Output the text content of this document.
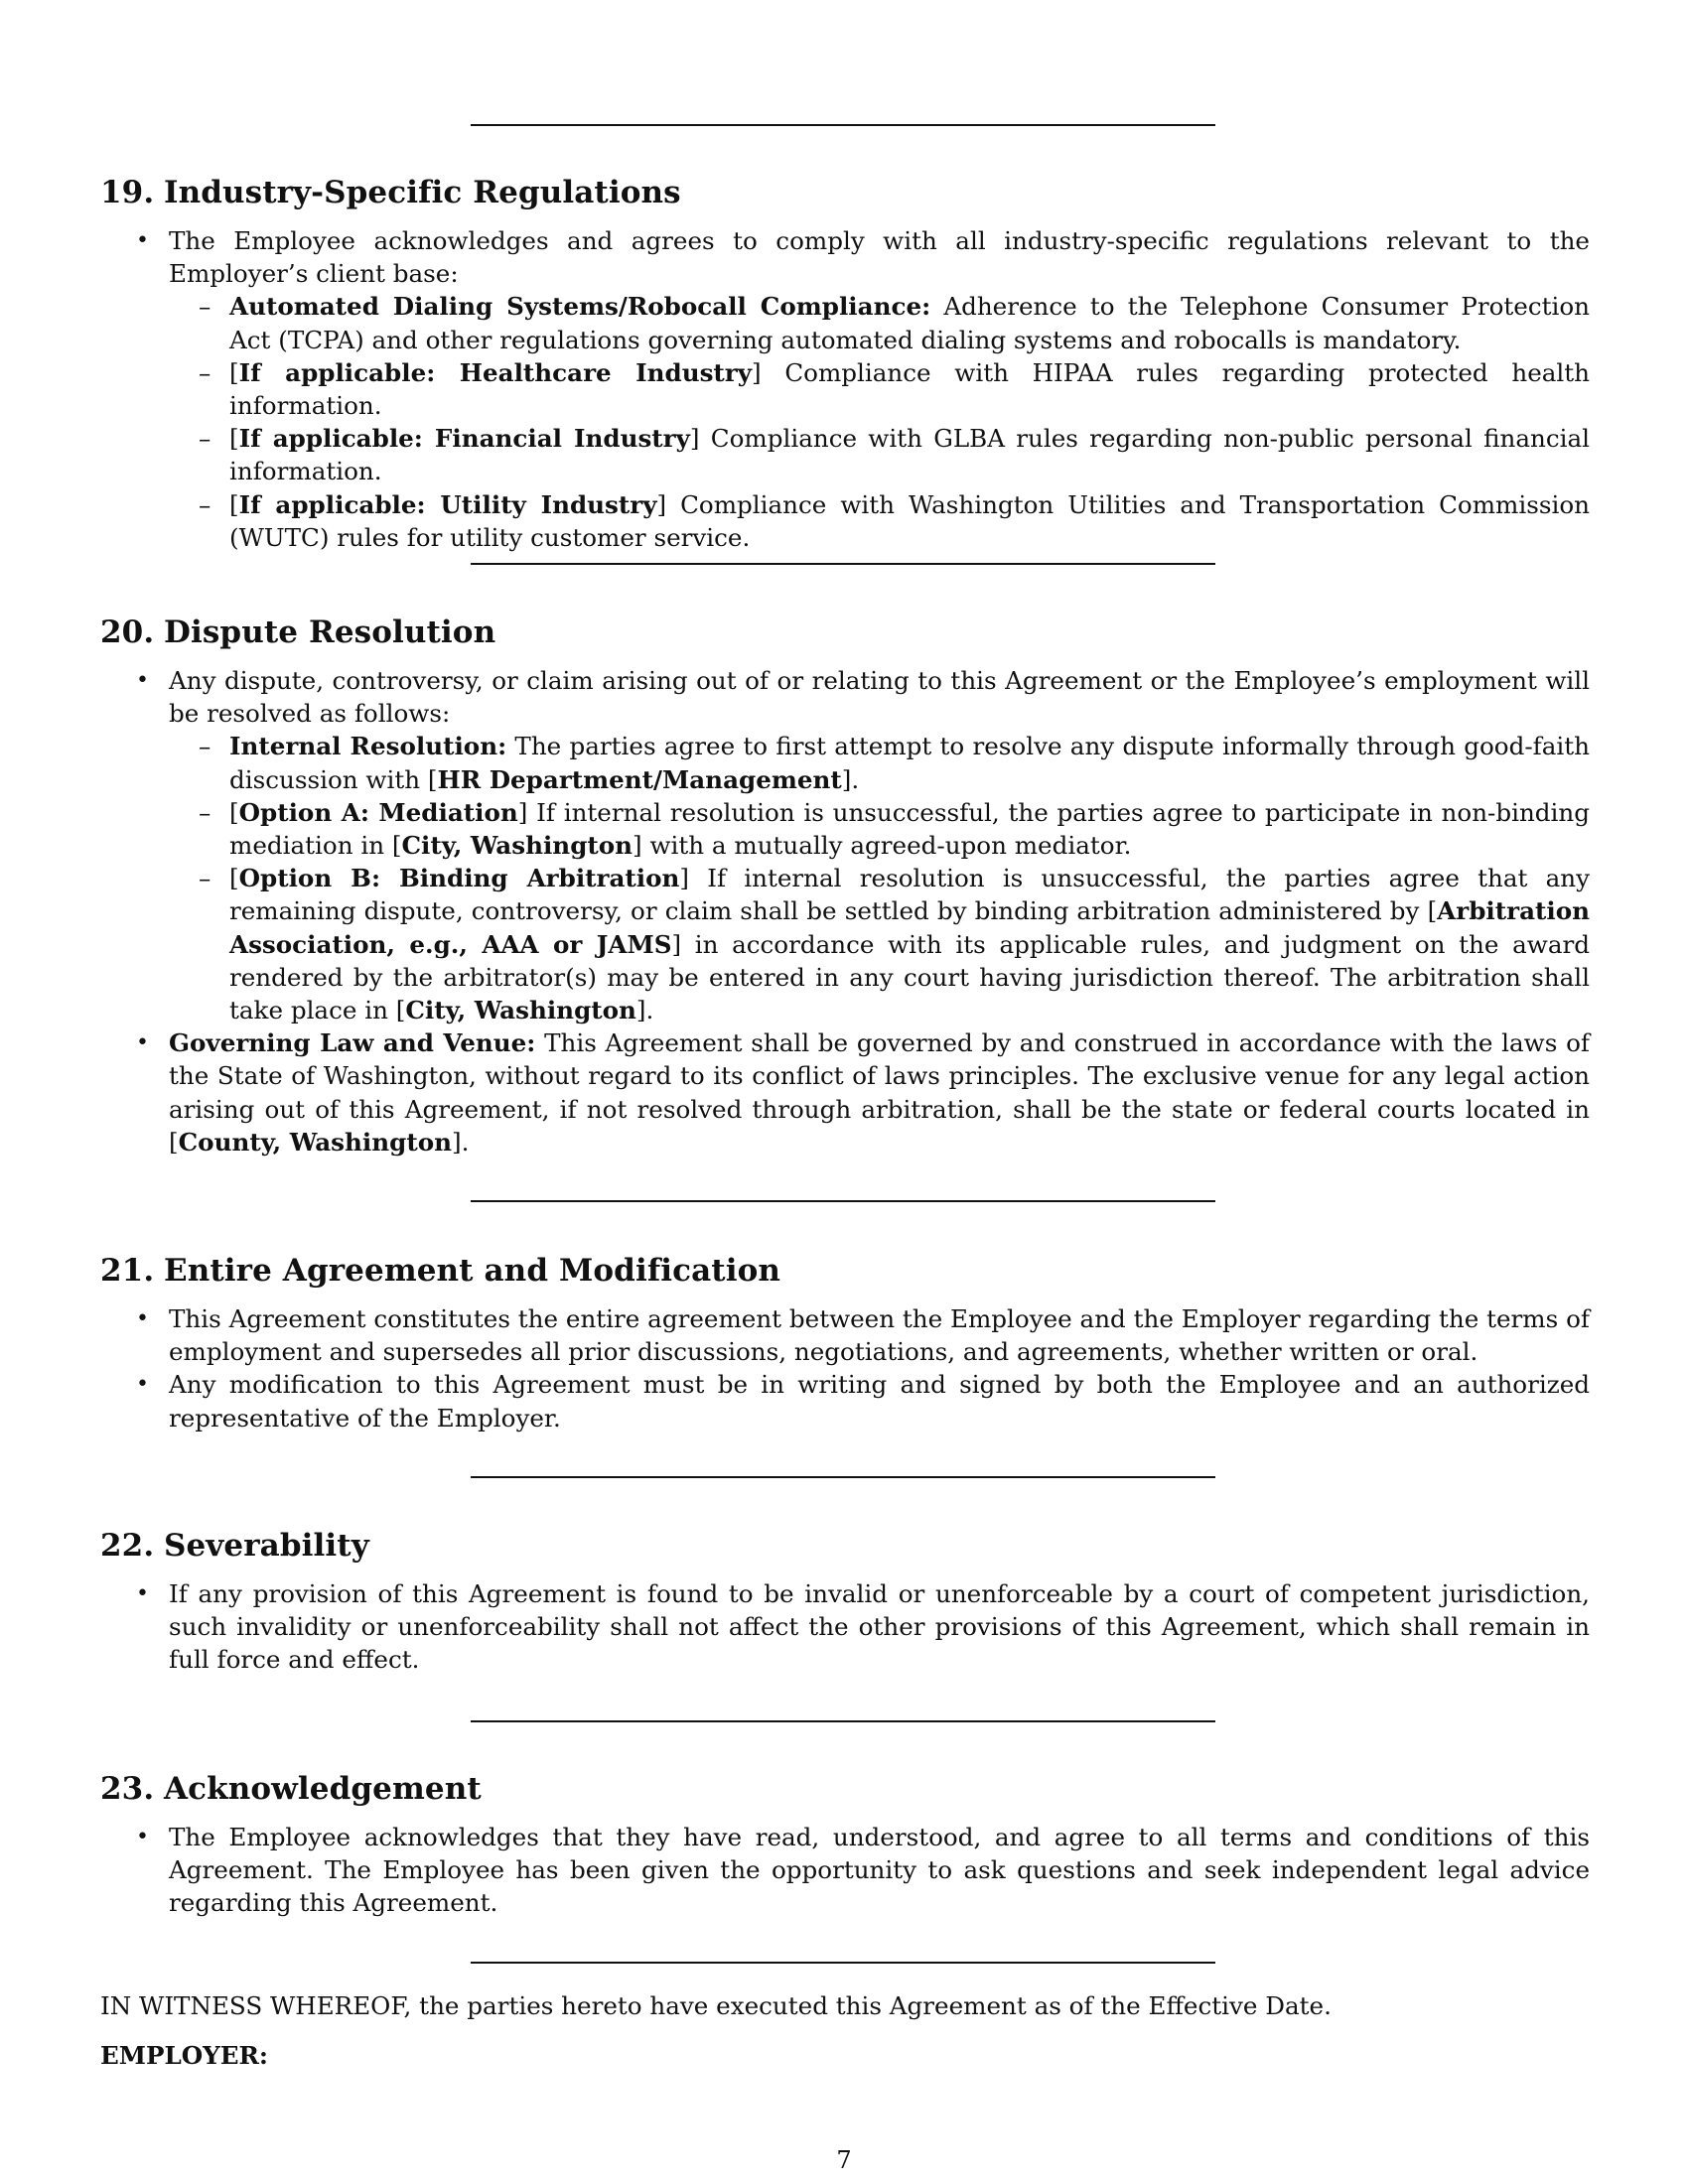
19. Industry-Specific Regulations
• The Employee acknowledges and agrees to comply with all industry-specific regulations relevant to the Employer’s client base:
– Automated Dialing Systems/Robocall Compliance: Adherence to the Telephone Consumer Protection Act (TCPA) and other regulations governing automated dialing systems and robocalls is mandatory.
– [If applicable: Healthcare Industry] Compliance with HIPAA rules regarding protected health information.
– [If applicable: Financial Industry] Compliance with GLBA rules regarding non-public personal financial information.
– [If applicable: Utility Industry] Compliance with Washington Utilities and Transportation Commission (WUTC) rules for utility customer service.
20. Dispute Resolution
• Any dispute, controversy, or claim arising out of or relating to this Agreement or the Employee’s employment will be resolved as follows:
– Internal Resolution: The parties agree to first attempt to resolve any dispute informally through good-faith discussion with [HR Department/Management].
– [Option A: Mediation] If internal resolution is unsuccessful, the parties agree to participate in non-binding mediation in [City, Washington] with a mutually agreed-upon mediator.
– [Option B: Binding Arbitration] If internal resolution is unsuccessful, the parties agree that any remaining dispute, controversy, or claim shall be settled by binding arbitration administered by [Arbitration Association, e.g., AAA or JAMS] in accordance with its applicable rules, and judgment on the award rendered by the arbitrator(s) may be entered in any court having jurisdiction thereof. The arbitration shall take place in [City, Washington].
• Governing Law and Venue: This Agreement shall be governed by and construed in accordance with the laws of the State of Washington, without regard to its conflict of laws principles. The exclusive venue for any legal action arising out of this Agreement, if not resolved through arbitration, shall be the state or federal courts located in [County, Washington].
21. Entire Agreement and Modification
• This Agreement constitutes the entire agreement between the Employee and the Employer regarding the terms of employment and supersedes all prior discussions, negotiations, and agreements, whether written or oral.
• Any modification to this Agreement must be in writing and signed by both the Employee and an authorized representative of the Employer.
22. Severability
• If any provision of this Agreement is found to be invalid or unenforceable by a court of competent jurisdiction, such invalidity or unenforceability shall not affect the other provisions of this Agreement, which shall remain in full force and effect.
23. Acknowledgement
• The Employee acknowledges that they have read, understood, and agree to all terms and conditions of this Agreement. The Employee has been given the opportunity to ask questions and seek independent legal advice regarding this Agreement.
IN WITNESS WHEREOF, the parties hereto have executed this Agreement as of the Effective Date.
EMPLOYER:
7
